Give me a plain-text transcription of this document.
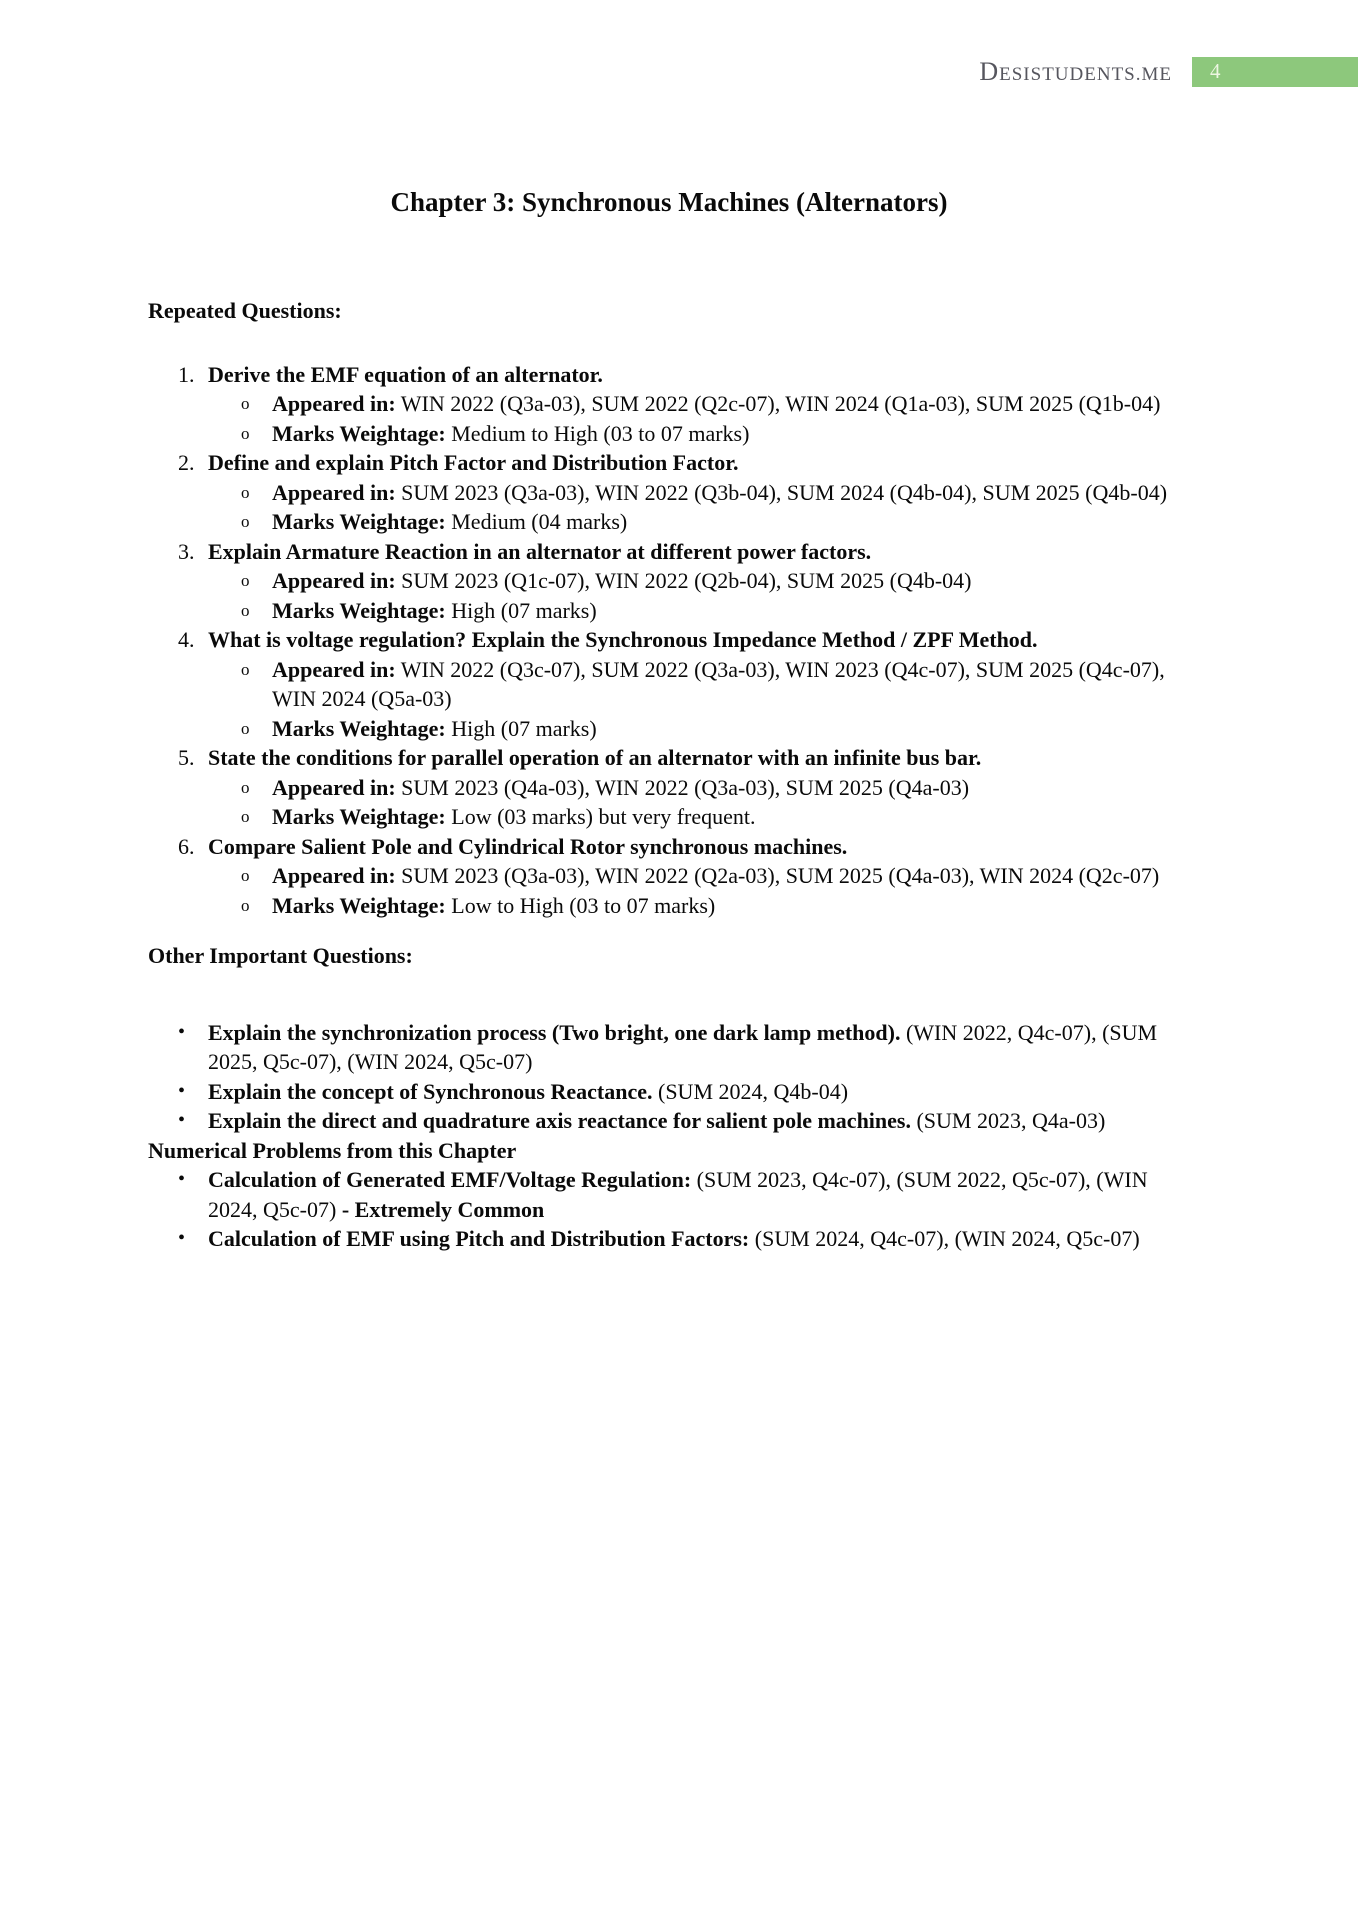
DESISTUDENTS.ME	4
Chapter 3: Synchronous Machines (Alternators)
Repeated Questions:
1. Derive the EMF equation of an alternator.
o	Appeared in: WIN 2022 (Q3a-03), SUM 2022 (Q2c-07), WIN 2024 (Q1a-03), SUM 2025 (Q1b-04)
o	Marks Weightage: Medium to High (03 to 07 marks)
2. Define and explain Pitch Factor and Distribution Factor.
o	Appeared in: SUM 2023 (Q3a-03), WIN 2022 (Q3b-04), SUM 2024 (Q4b-04), SUM 2025 (Q4b-04)
o	Marks Weightage: Medium (04 marks)
3. Explain Armature Reaction in an alternator at different power factors.
o	Appeared in: SUM 2023 (Q1c-07), WIN 2022 (Q2b-04), SUM 2025 (Q4b-04)
o	Marks Weightage: High (07 marks)
4. What is voltage regulation? Explain the Synchronous Impedance Method / ZPF Method.
o	Appeared in: WIN 2022 (Q3c-07), SUM 2022 (Q3a-03), WIN 2023 (Q4c-07), SUM 2025 (Q4c-07), WIN 2024 (Q5a-03)
o	Marks Weightage: High (07 marks)
5. State the conditions for parallel operation of an alternator with an infinite bus bar.
o	Appeared in: SUM 2023 (Q4a-03), WIN 2022 (Q3a-03), SUM 2025 (Q4a-03)
o	Marks Weightage: Low (03 marks) but very frequent.
6. Compare Salient Pole and Cylindrical Rotor synchronous machines.
o	Appeared in: SUM 2023 (Q3a-03), WIN 2022 (Q2a-03), SUM 2025 (Q4a-03), WIN 2024 (Q2c-07)
o	Marks Weightage: Low to High (03 to 07 marks)
Other Important Questions:
•	Explain the synchronization process (Two bright, one dark lamp method). (WIN 2022, Q4c-07), (SUM 2025, Q5c-07), (WIN 2024, Q5c-07)
•	Explain the concept of Synchronous Reactance. (SUM 2024, Q4b-04)
•	Explain the direct and quadrature axis reactance for salient pole machines. (SUM 2023, Q4a-03)
Numerical Problems from this Chapter
•	Calculation of Generated EMF/Voltage Regulation: (SUM 2023, Q4c-07), (SUM 2022, Q5c-07), (WIN 2024, Q5c-07) - Extremely Common
•	Calculation of EMF using Pitch and Distribution Factors: (SUM 2024, Q4c-07), (WIN 2024, Q5c-07)
